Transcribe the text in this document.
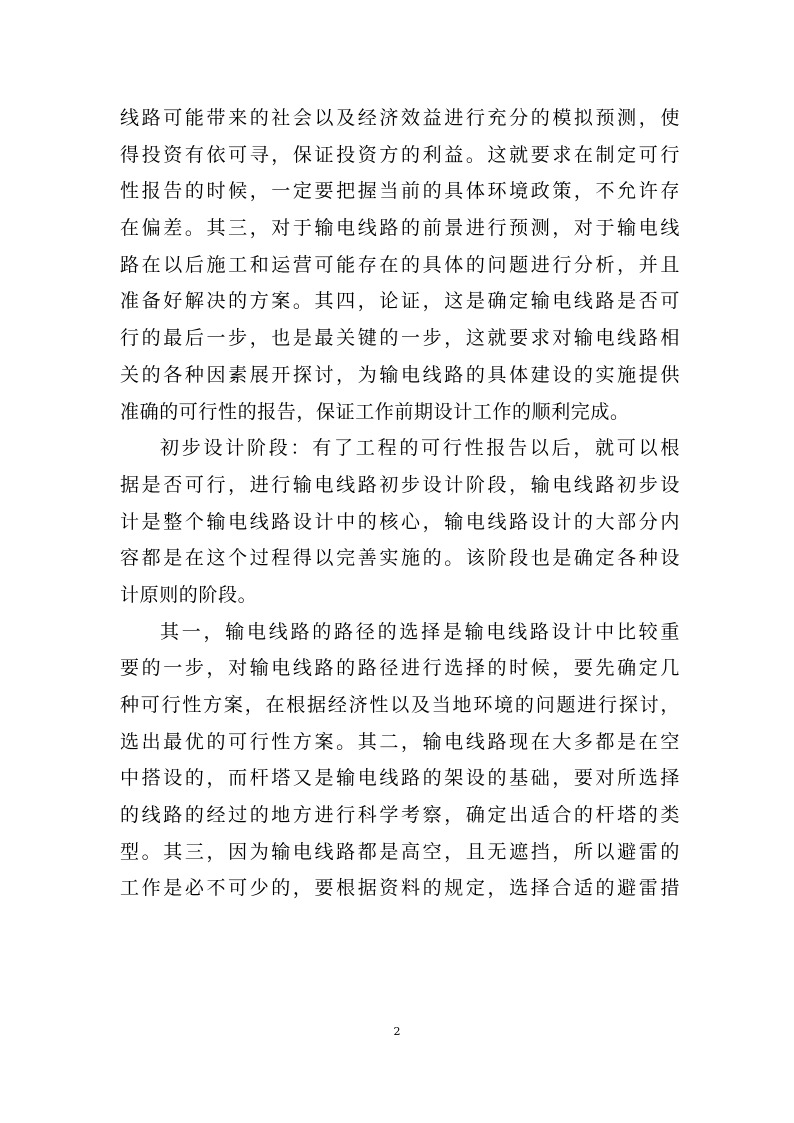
线路可能带来的社会以及经济效益进行充分的模拟预测，使
得投资有依可寻，保证投资方的利益。这就要求在制定可行
性报告的时候，一定要把握当前的具体环境政策，不允许存
在偏差。其三，对于输电线路的前景进行预测，对于输电线
路在以后施工和运营可能存在的具体的问题进行分析，并且
准备好解决的方案。其四，论证，这是确定输电线路是否可
行的最后一步，也是最关键的一步，这就要求对输电线路相
关的各种因素展开探讨，为输电线路的具体建设的实施提供
准确的可行性的报告，保证工作前期设计工作的顺利完成。
初步设计阶段：有了工程的可行性报告以后，就可以根
据是否可行，进行输电线路初步设计阶段，输电线路初步设
计是整个输电线路设计中的核心，输电线路设计的大部分内
容都是在这个过程得以完善实施的。该阶段也是确定各种设
计原则的阶段。
其一，输电线路的路径的选择是输电线路设计中比较重
要的一步，对输电线路的路径进行选择的时候，要先确定几
种可行性方案，在根据经济性以及当地环境的问题进行探讨，
选出最优的可行性方案。其二，输电线路现在大多都是在空
中搭设的，而杆塔又是输电线路的架设的基础，要对所选择
的线路的经过的地方进行科学考察，确定出适合的杆塔的类
型。其三，因为输电线路都是高空，且无遮挡，所以避雷的
工作是必不可少的，要根据资料的规定，选择合适的避雷措
2
